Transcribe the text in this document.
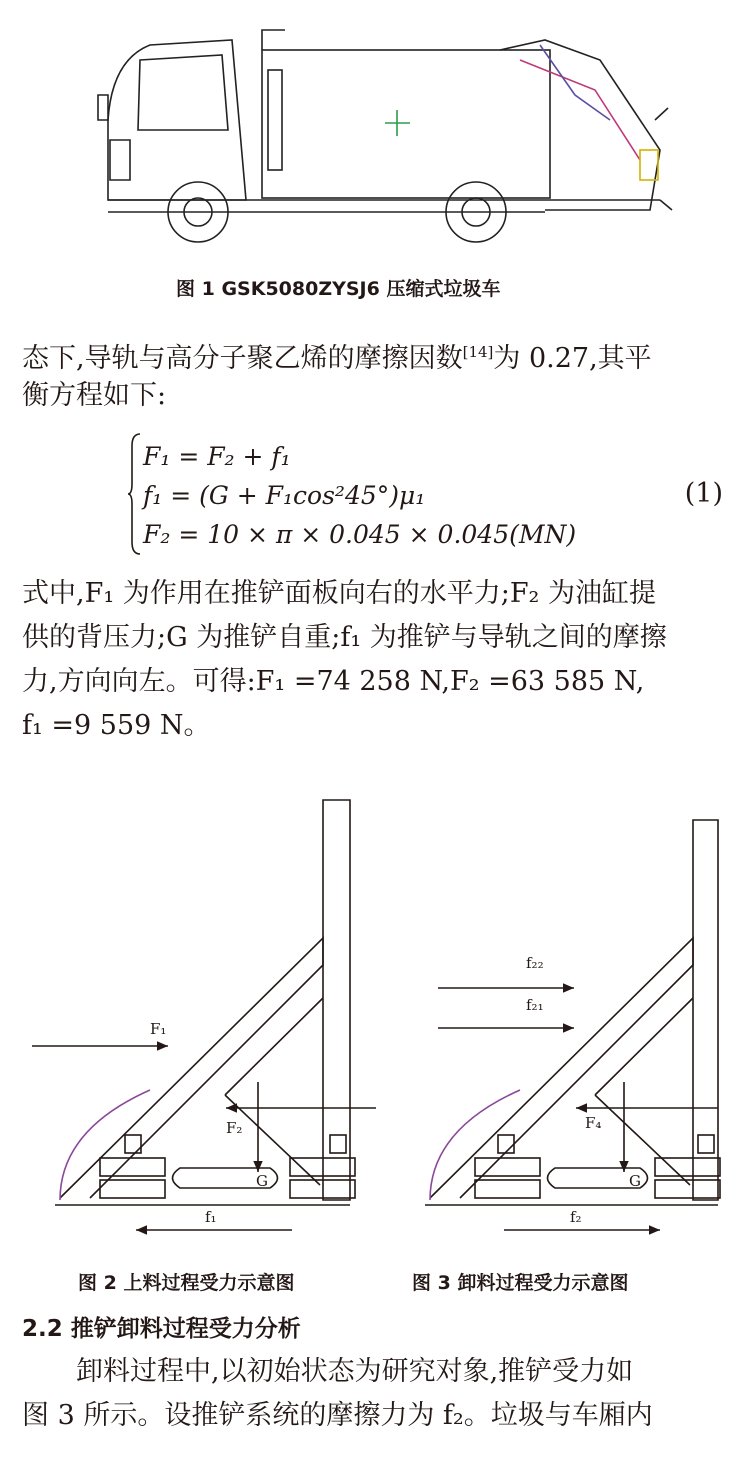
图 1 GSK5080ZYSJ6 压缩式垃圾车
态下,导轨与高分子聚乙烯的摩擦因数[14]为 0.27,其平
衡方程如下:
F₁ = F₂ + f₁
f₁ = (G + F₁cos²45°)μ₁
F₂ = 10 × π × 0.045 × 0.045(MN)
(1)
式中,F₁ 为作用在推铲面板向右的水平力;F₂ 为油缸提
供的背压力;G 为推铲自重;f₁ 为推铲与导轨之间的摩擦
力,方向向左。可得:F₁ =74 258 N,F₂ =63 585 N,
f₁ =9 559 N。
F₁
F₂
G
f₁
f₂₂
f₂₁
F₄
G
f₂
图 2 上料过程受力示意图	图 3 卸料过程受力示意图
2.2 推铲卸料过程受力分析
卸料过程中,以初始状态为研究对象,推铲受力如
图 3 所示。设推铲系统的摩擦力为 f₂。垃圾与车厢内
